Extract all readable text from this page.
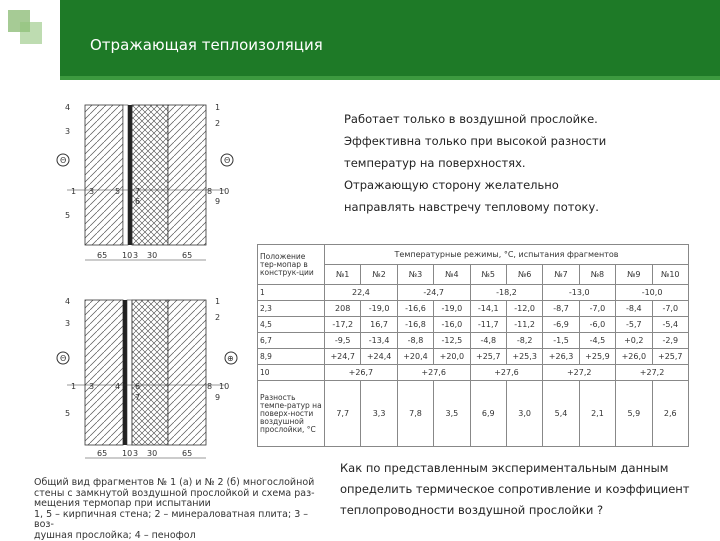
Отражающая теплоизоляция
4
3
1
2
5
1 3	5 7	8 10
6	9
Θ	Θ
65 10 3 30	65
4
3
1
2
5
1 3	4 6	8 10
7	9
Θ	⊕
65 10 3 30	65
Общий вид фрагментов № 1 (а) и № 2 (б) многослойной
стены с замкнутой воздушной прослойкой и схема раз-
мещения термопар при испытании
1, 5 – кирпичная стена; 2 – минераловатная плита; 3 – воз-
душная прослойка; 4 – пенофол

Работает только в воздушной прослойке.

Эффективна только при высокой разности температур на поверхностях.

Отражающую сторону желательно направлять навстречу тепловому потоку.

Положение тер-мопар в конструк-ции	Температурные режимы, °С, испытания фрагментов									
	№1	№2	№3	№4	№5	№6	№7	№8	№9	№10
1	22,4		-24,7		-18,2		-13,0		-10,0	
2,3	208	-19,0	-16,6	-19,0	-14,1	-12,0	-8,7	-7,0	-8,4	-7,0
4,5	-17,2	16,7	-16,8	-16,0	-11,7	-11,2	-6,9	-6,0	-5,7	-5,4
6,7	-9,5	-13,4	-8,8	-12,5	-4,8	-8,2	-1,5	-4,5	+0,2	-2,9
8,9	+24,7	+24,4	+20,4	+20,0	+25,7	+25,3	+26,3	+25,9	+26,0	+25,7
10	+26,7		+27,6		+27,6		+27,2		+27,2	
Разность темпе-ратур на поверх-ности воздушной прослойки, °С	7,7	3,3	7,8	3,5	6,9	3,0	5,4	2,1	5,9	2,6
Как по представленным экспериментальным данным определить термическое сопротивление и коэффициент теплопроводности воздушной прослойки ?
